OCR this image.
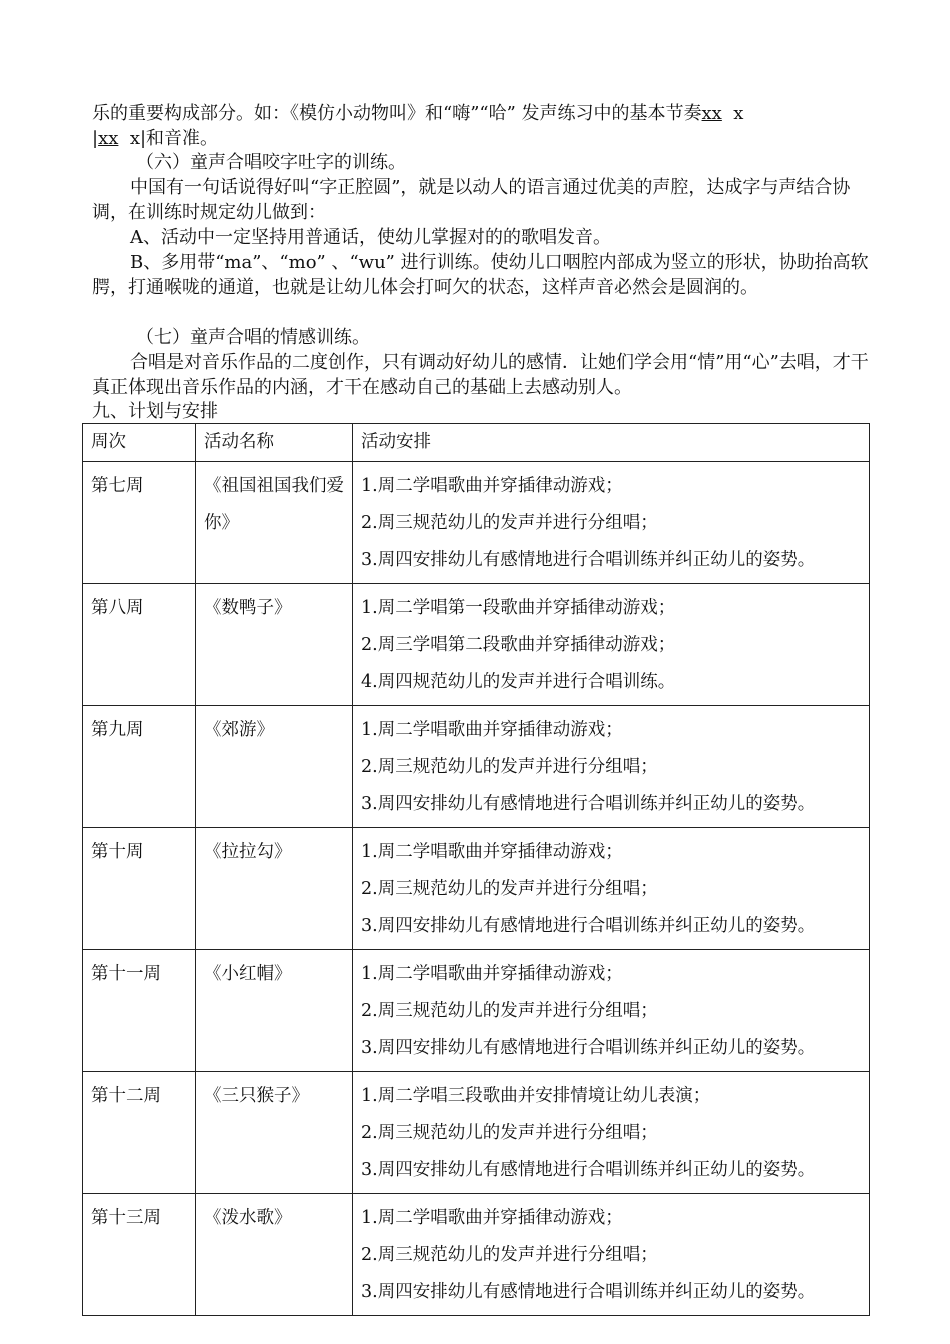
乐的重要构成部分。如：《模仿小动物叫》和“嗨”“哈” 发声练习中的基本节奏xx  x
|xx  x|和音准。
（六）童声合唱咬字吐字的训练。
中国有一句话说得好叫“字正腔圆”，就是以动人的语言通过优美的声腔，达成字与声结合协调，在训练时规定幼儿做到：
A、活动中一定坚持用普通话，使幼儿掌握对的的歌唱发音。
B、多用带“ma”、“mo” 、“wu” 进行训练。使幼儿口咽腔内部成为竖立的形状，协助抬高软腭，打通喉咙的通道，也就是让幼儿体会打呵欠的状态，这样声音必然会是圆润的。
（七）童声合唱的情感训练。
合唱是对音乐作品的二度创作，只有调动好幼儿的感情．让她们学会用“情”用“心”去唱，才干真正体现出音乐作品的内涵，才干在感动自己的基础上去感动别人。
九、计划与安排
周次	活动名称	活动安排
第七周	《祖国祖国我们爱你》	1.周二学唱歌曲并穿插律动游戏；
2.周三规范幼儿的发声并进行分组唱；
3.周四安排幼儿有感情地进行合唱训练并纠正幼儿的姿势。

第八周	《数鸭子》	1.周二学唱第一段歌曲并穿插律动游戏；
2.周三学唱第二段歌曲并穿插律动游戏；
4.周四规范幼儿的发声并进行合唱训练。

第九周	《郊游》	1.周二学唱歌曲并穿插律动游戏；
2.周三规范幼儿的发声并进行分组唱；
3.周四安排幼儿有感情地进行合唱训练并纠正幼儿的姿势。

第十周	《拉拉勾》	1.周二学唱歌曲并穿插律动游戏；
2.周三规范幼儿的发声并进行分组唱；
3.周四安排幼儿有感情地进行合唱训练并纠正幼儿的姿势。

第十一周	《小红帽》	1.周二学唱歌曲并穿插律动游戏；
2.周三规范幼儿的发声并进行分组唱；
3.周四安排幼儿有感情地进行合唱训练并纠正幼儿的姿势。

第十二周	《三只猴子》	1.周二学唱三段歌曲并安排情境让幼儿表演；
2.周三规范幼儿的发声并进行分组唱；
3.周四安排幼儿有感情地进行合唱训练并纠正幼儿的姿势。

第十三周	《泼水歌》	1.周二学唱歌曲并穿插律动游戏；
2.周三规范幼儿的发声并进行分组唱；
3.周四安排幼儿有感情地进行合唱训练并纠正幼儿的姿势。
